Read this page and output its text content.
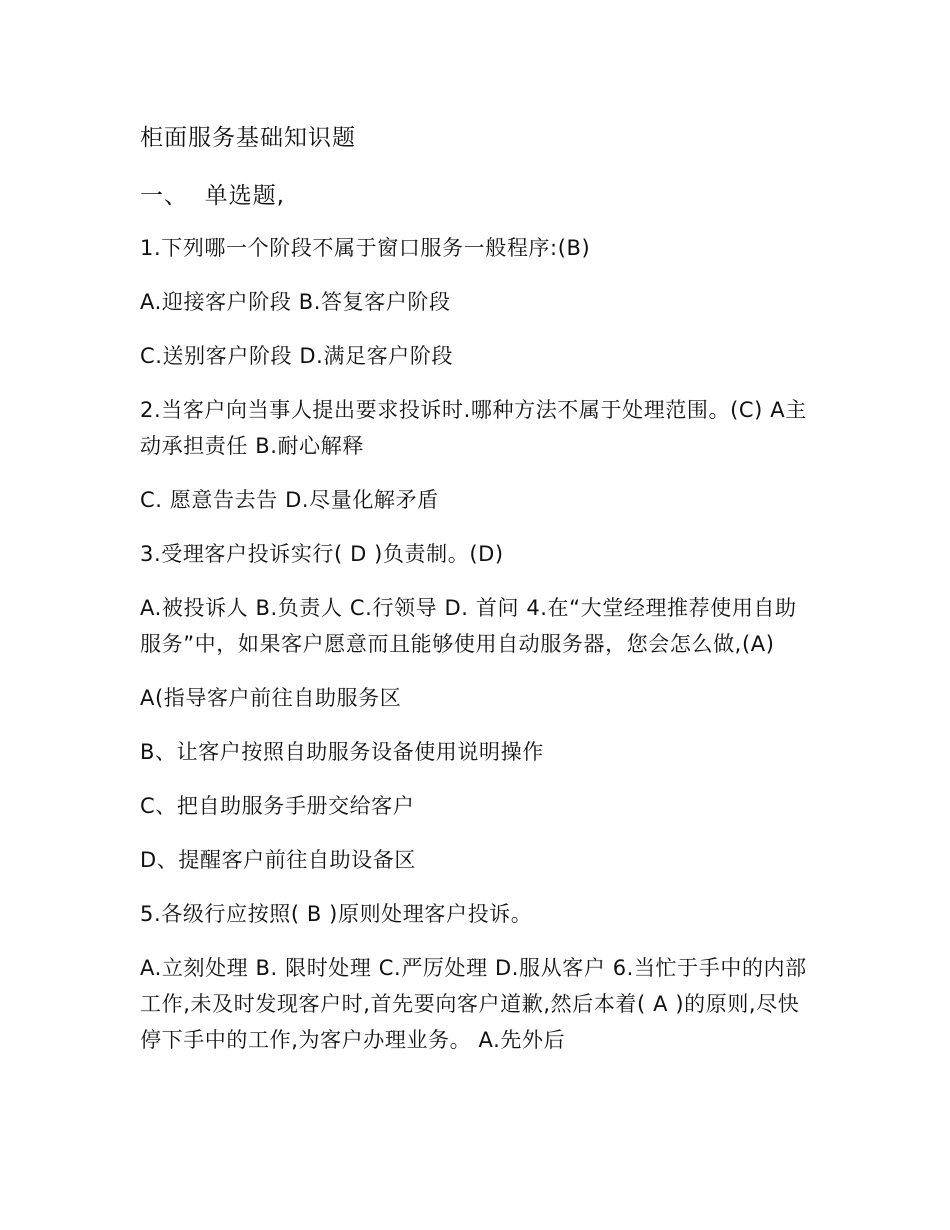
柜面服务基础知识题

一、  单选题,

1.下列哪一个阶段不属于窗口服务一般程序:(B)

A.迎接客户阶段 B.答复客户阶段

C.送别客户阶段 D.满足客户阶段

2.当客户向当事人提出要求投诉时.哪种方法不属于处理范围。(C) A主动承担责任 B.耐心解释

C. 愿意告去告 D.尽量化解矛盾

3.受理客户投诉实行( D )负责制。(D)

A.被投诉人 B.负责人 C.行领导 D. 首问 4.在“大堂经理推荐使用自助服务”中，如果客户愿意而且能够使用自动服务器，您会怎么做,(A)

A(指导客户前往自助服务区

B、让客户按照自助服务设备使用说明操作

C、把自助服务手册交给客户

D、提醒客户前往自助设备区

5.各级行应按照( B )原则处理客户投诉。

A.立刻处理 B. 限时处理 C.严厉处理 D.服从客户 6.当忙于手中的内部工作,未及时发现客户时,首先要向客户道歉,然后本着( A )的原则,尽快停下手中的工作,为客户办理业务。 A.先外后
